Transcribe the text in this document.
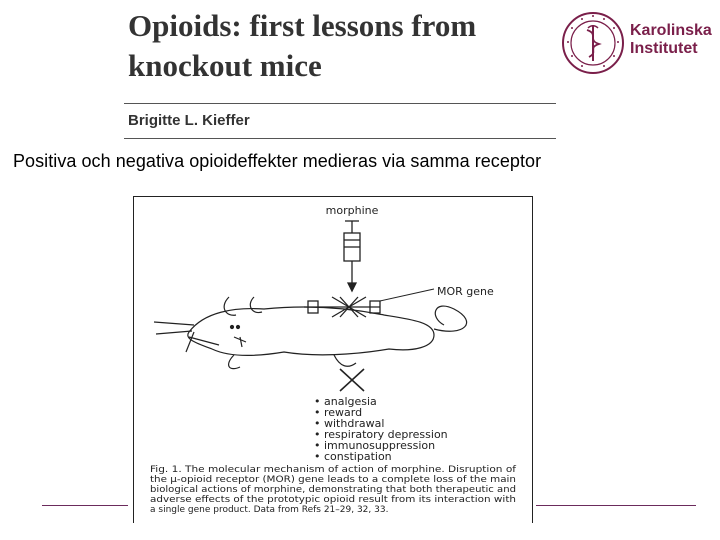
Opioids: first lessons from
knockout mice
Brigitte L. Kieffer
Karolinska
Institutet
Positiva och negativa opioideffekter medieras via samma receptor
morphine
MOR gene
• analgesia
• reward
• withdrawal
• respiratory depression
• immunosuppression
• constipation
Fig. 1. The molecular mechanism of action of morphine. Disruption of
the μ-opioid receptor (MOR) gene leads to a complete loss of the main
biological actions of morphine, demonstrating that both therapeutic and
adverse effects of the prototypic opioid result from its interaction with
a single gene product. Data from Refs 21–29, 32, 33.
